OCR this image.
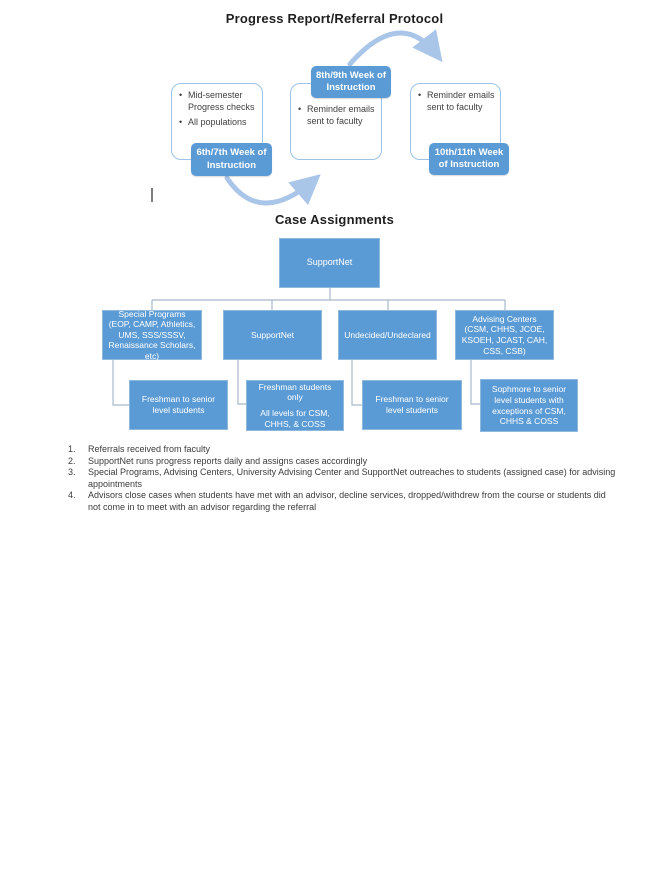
Progress Report/Referral Protocol
• Mid-semester Progress checks
• All populations
6th/7th Week of Instruction
• Reminder emails sent to faculty
8th/9th Week of Instruction
• Reminder emails sent to faculty
10th/11th Week of Instruction
Case Assignments
SupportNet
Special Programs (EOP, CAMP, Athletics, UMS, SSS/SSSV, Renaissance Scholars, etc)
SupportNet	Undecided/Undeclared
Advising Centers (CSM, CHHS, JCOE, KSOEH, JCAST, CAH, CSS, CSB)
Freshman to senior level students
Freshman students only
All levels for CSM, CHHS, & COSS
Freshman to senior level students
Sophmore to senior level students with exceptions of CSM, CHHS & COSS
1.	Referrals received from faculty
2.	SupportNet runs progress reports daily and assigns cases accordingly
3.	Special Programs, Advising Centers, University Advising Center and SupportNet outreaches to students (assigned case) for advising appointments
4.	Advisors close cases when students have met with an advisor, decline services, dropped/withdrew from the course or students did not come in to meet with an advisor regarding the referral
